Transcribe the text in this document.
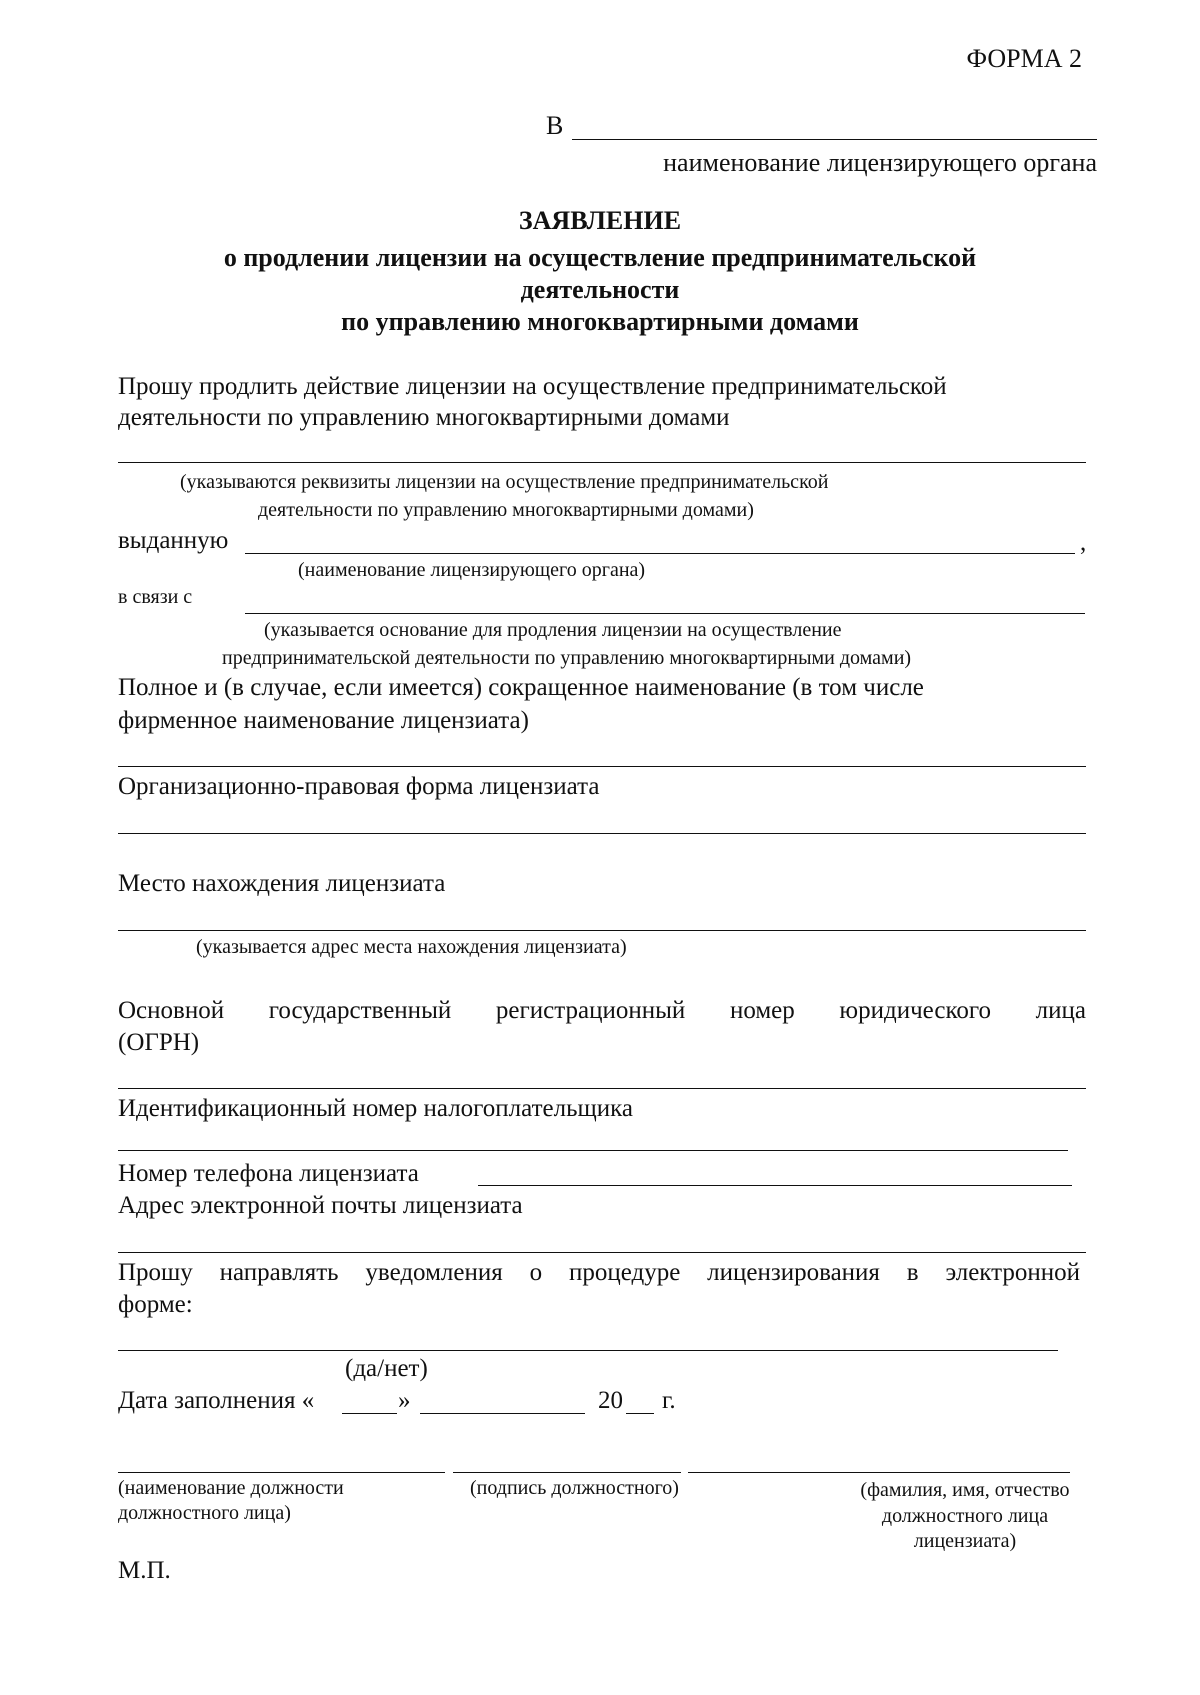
ФОРМА 2
В
наименование лицензирующего органа
ЗАЯВЛЕНИЕ
о продлении лицензии на осуществление предпринимательской
деятельности
по управлению многоквартирными домами
Прошу продлить действие лицензии на осуществление предпринимательской
деятельности по управлению многоквартирными домами
(указываются реквизиты лицензии на осуществление предпринимательской
деятельности по управлению многоквартирными домами)
выданную	,
(наименование лицензирующего органа)
в связи с
(указывается основание для продления лицензии на осуществление
предпринимательской деятельности по управлению многоквартирными домами)
Полное и (в случае, если имеется) сокращенное наименование (в том числе
фирменное наименование лицензиата)
Организационно-правовая форма лицензиата
Место нахождения лицензиата
(указывается адрес места нахождения лицензиата)
Основной государственный регистрационный номер юридического лица
(ОГРН)
Идентификационный номер налогоплательщика
Номер телефона лицензиата
Адрес электронной почты лицензиата
Прошу направлять уведомления о процедуре лицензирования в электронной
форме:
(да/нет)
Дата заполнения «	»	20 г.
(наименование должности
должностного лица)
(подпись должностного)	(фамилия, имя, отчество
должностного лица
лицензиата)
М.П.
